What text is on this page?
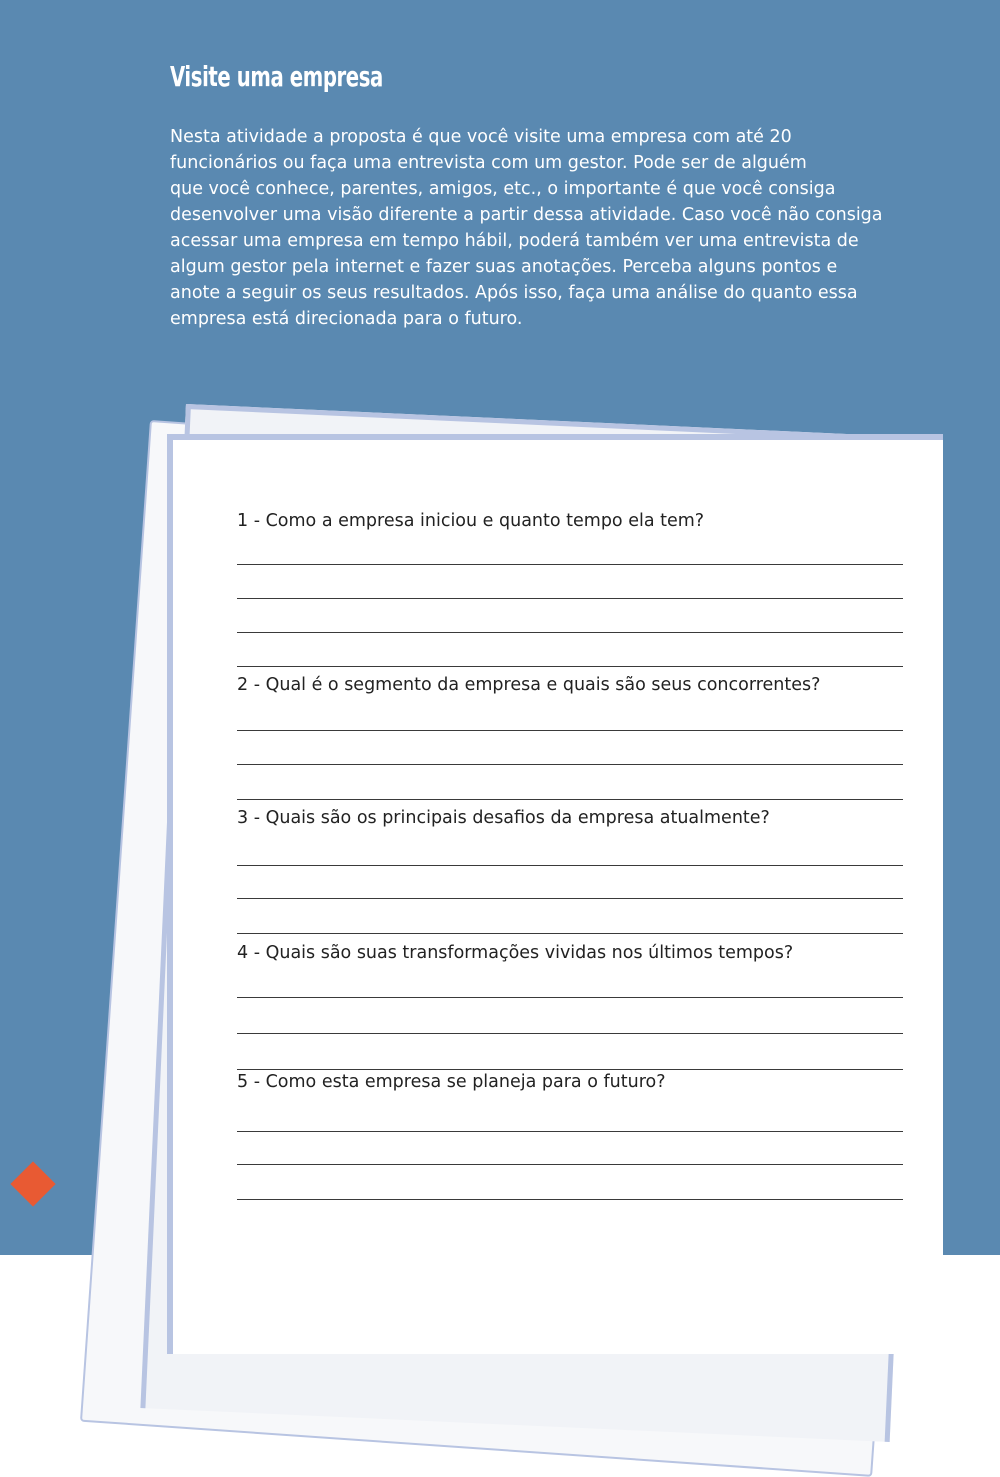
Visite uma empresa

Nesta atividade a proposta é que você visite uma empresa com até 20
funcionários ou faça uma entrevista com um gestor. Pode ser de alguém
que você conhece, parentes, amigos, etc., o importante é que você consiga
desenvolver uma visão diferente a partir dessa atividade. Caso você não consiga
acessar uma empresa em tempo hábil, poderá também ver uma entrevista de
algum gestor pela internet e fazer suas anotações. Perceba alguns pontos e
anote a seguir os seus resultados. Após isso, faça uma análise do quanto essa
empresa está direcionada para o futuro.

1 - Como a empresa iniciou e quanto tempo ela tem?

2 - Qual é o segmento da empresa e quais são seus concorrentes?

3 - Quais são os principais desafios da empresa atualmente?

4 - Quais são suas transformações vividas nos últimos tempos?

5 - Como esta empresa se planeja para o futuro?
